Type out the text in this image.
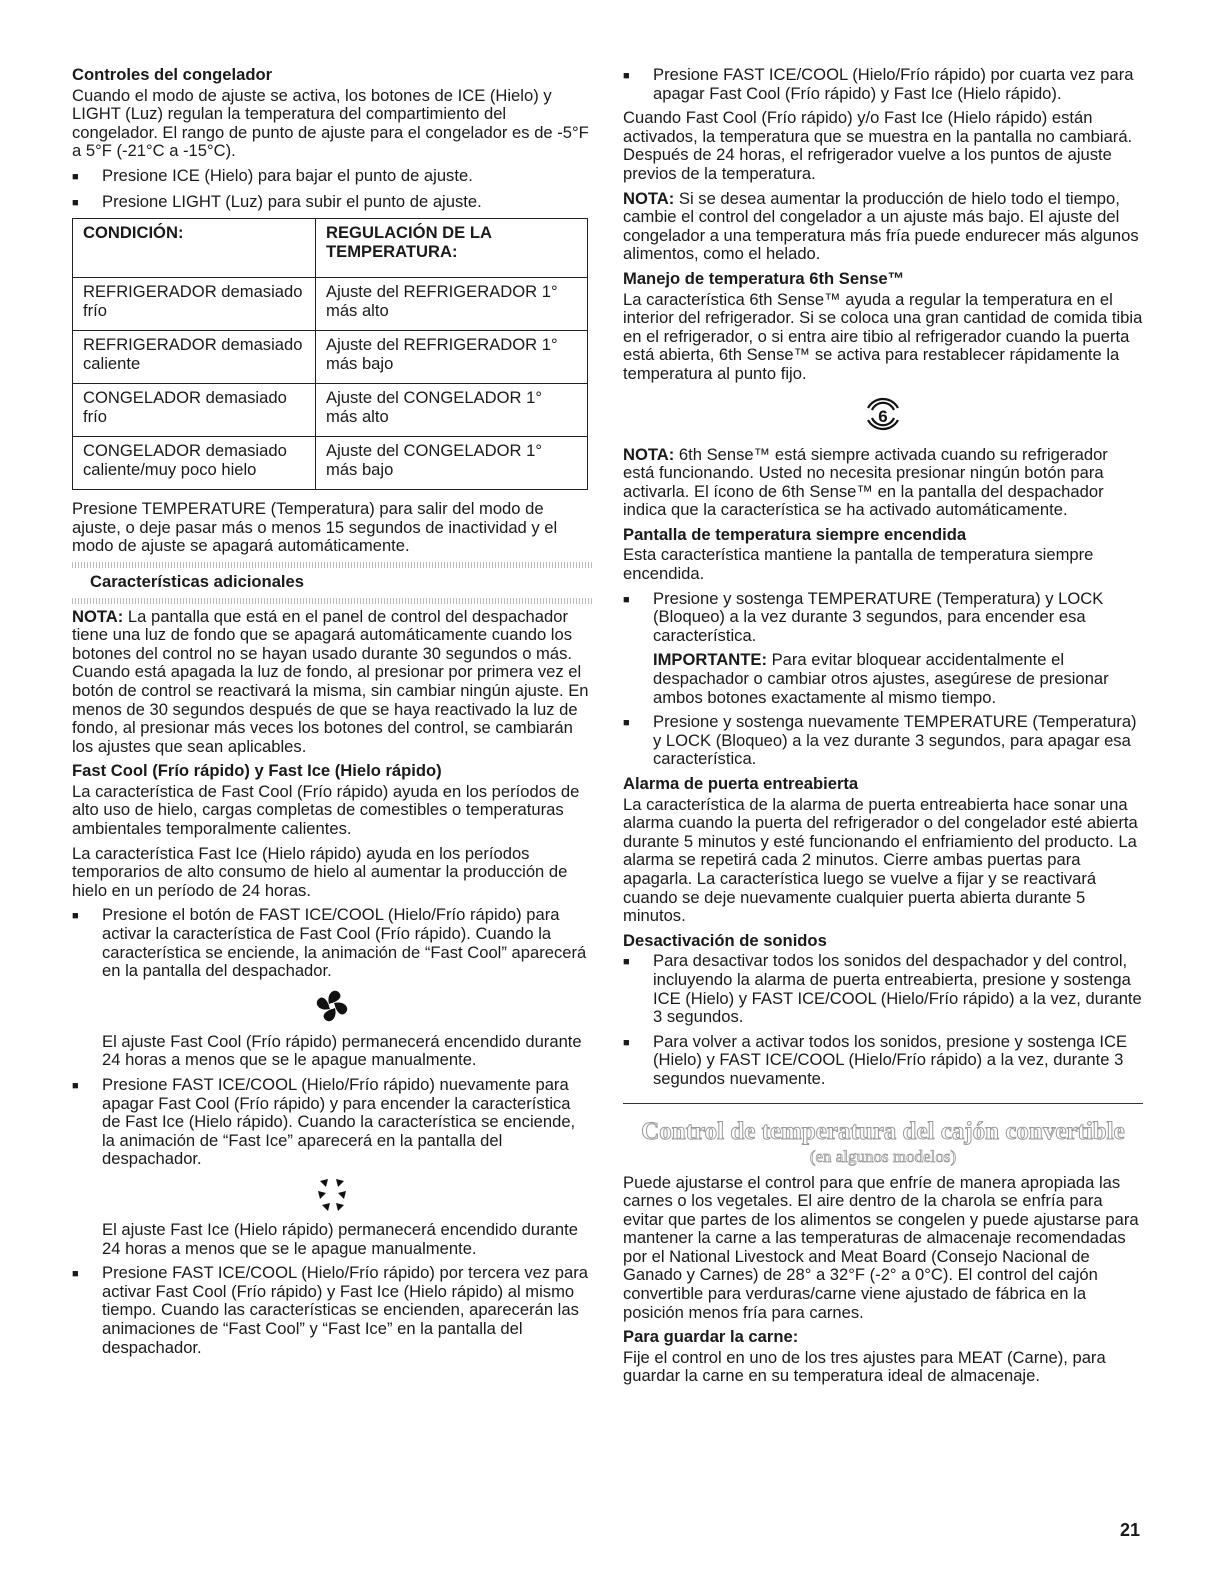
Controles del congelador
Cuando el modo de ajuste se activa, los botones de ICE (Hielo) y LIGHT (Luz) regulan la temperatura del compartimiento del congelador. El rango de punto de ajuste para el congelador es de -5°F a 5°F (-21°C a -15°C).
■	Presione ICE (Hielo) para bajar el punto de ajuste.
■	Presione LIGHT (Luz) para subir el punto de ajuste.
CONDICIÓN:	REGULACIÓN DE LA TEMPERATURA:
REFRIGERADOR demasiado frío	Ajuste del REFRIGERADOR 1° más alto
REFRIGERADOR demasiado caliente	Ajuste del REFRIGERADOR 1° más bajo
CONGELADOR demasiado frío	Ajuste del CONGELADOR 1° más alto
CONGELADOR demasiado caliente/muy poco hielo	Ajuste del CONGELADOR 1° más bajo
Presione TEMPERATURE (Temperatura) para salir del modo de ajuste, o deje pasar más o menos 15 segundos de inactividad y el modo de ajuste se apagará automáticamente.
Características adicionales
NOTA: La pantalla que está en el panel de control del despachador tiene una luz de fondo que se apagará automáticamente cuando los botones del control no se hayan usado durante 30 segundos o más. Cuando está apagada la luz de fondo, al presionar por primera vez el botón de control se reactivará la misma, sin cambiar ningún ajuste. En menos de 30 segundos después de que se haya reactivado la luz de fondo, al presionar más veces los botones del control, se cambiarán los ajustes que sean aplicables.
Fast Cool (Frío rápido) y Fast Ice (Hielo rápido)
La característica de Fast Cool (Frío rápido) ayuda en los períodos de alto uso de hielo, cargas completas de comestibles o temperaturas ambientales temporalmente calientes.
La característica Fast Ice (Hielo rápido) ayuda en los períodos temporarios de alto consumo de hielo al aumentar la producción de hielo en un período de 24 horas.
■	Presione el botón de FAST ICE/COOL (Hielo/Frío rápido) para activar la característica de Fast Cool (Frío rápido). Cuando la característica se enciende, la animación de “Fast Cool” aparecerá en la pantalla del despachador.
El ajuste Fast Cool (Frío rápido) permanecerá encendido durante 24 horas a menos que se le apague manualmente.
■	Presione FAST ICE/COOL (Hielo/Frío rápido) nuevamente para apagar Fast Cool (Frío rápido) y para encender la característica de Fast Ice (Hielo rápido). Cuando la característica se enciende, la animación de “Fast Ice” aparecerá en la pantalla del despachador.
El ajuste Fast Ice (Hielo rápido) permanecerá encendido durante 24 horas a menos que se le apague manualmente.
■	Presione FAST ICE/COOL (Hielo/Frío rápido) por tercera vez para activar Fast Cool (Frío rápido) y Fast Ice (Hielo rápido) al mismo tiempo. Cuando las características se encienden, aparecerán las animaciones de “Fast Cool” y “Fast Ice” en la pantalla del despachador.
■	Presione FAST ICE/COOL (Hielo/Frío rápido) por cuarta vez para apagar Fast Cool (Frío rápido) y Fast Ice (Hielo rápido).
Cuando Fast Cool (Frío rápido) y/o Fast Ice (Hielo rápido) están activados, la temperatura que se muestra en la pantalla no cambiará. Después de 24 horas, el refrigerador vuelve a los puntos de ajuste previos de la temperatura.
NOTA: Si se desea aumentar la producción de hielo todo el tiempo, cambie el control del congelador a un ajuste más bajo. El ajuste del congelador a una temperatura más fría puede endurecer más algunos alimentos, como el helado.
Manejo de temperatura 6th Sense™
La característica 6th Sense™ ayuda a regular la temperatura en el interior del refrigerador. Si se coloca una gran cantidad de comida tibia en el refrigerador, o si entra aire tibio al refrigerador cuando la puerta está abierta, 6th Sense™ se activa para restablecer rápidamente la temperatura al punto fijo.
6
NOTA: 6th Sense™ está siempre activada cuando su refrigerador está funcionando. Usted no necesita presionar ningún botón para activarla. El ícono de 6th Sense™ en la pantalla del despachador indica que la característica se ha activado automáticamente.
Pantalla de temperatura siempre encendida
Esta característica mantiene la pantalla de temperatura siempre encendida.
■	Presione y sostenga TEMPERATURE (Temperatura) y LOCK (Bloqueo) a la vez durante 3 segundos, para encender esa característica.
IMPORTANTE: Para evitar bloquear accidentalmente el despachador o cambiar otros ajustes, asegúrese de presionar ambos botones exactamente al mismo tiempo.
■	Presione y sostenga nuevamente TEMPERATURE (Temperatura) y LOCK (Bloqueo) a la vez durante 3 segundos, para apagar esa característica.
Alarma de puerta entreabierta
La característica de la alarma de puerta entreabierta hace sonar una alarma cuando la puerta del refrigerador o del congelador esté abierta durante 5 minutos y esté funcionando el enfriamiento del producto. La alarma se repetirá cada 2 minutos. Cierre ambas puertas para apagarla. La característica luego se vuelve a fijar y se reactivará cuando se deje nuevamente cualquier puerta abierta durante 5 minutos.
Desactivación de sonidos
■	Para desactivar todos los sonidos del despachador y del control, incluyendo la alarma de puerta entreabierta, presione y sostenga ICE (Hielo) y FAST ICE/COOL (Hielo/Frío rápido) a la vez, durante 3 segundos.
■	Para volver a activar todos los sonidos, presione y sostenga ICE (Hielo) y FAST ICE/COOL (Hielo/Frío rápido) a la vez, durante 3 segundos nuevamente.
Control de temperatura del cajón convertible
(en algunos modelos)
Puede ajustarse el control para que enfríe de manera apropiada las carnes o los vegetales. El aire dentro de la charola se enfría para evitar que partes de los alimentos se congelen y puede ajustarse para mantener la carne a las temperaturas de almacenaje recomendadas por el National Livestock and Meat Board (Consejo Nacional de Ganado y Carnes) de 28° a 32°F (-2° a 0°C). El control del cajón convertible para verduras/carne viene ajustado de fábrica en la posición menos fría para carnes.
Para guardar la carne:
Fije el control en uno de los tres ajustes para MEAT (Carne), para guardar la carne en su temperatura ideal de almacenaje.
21
